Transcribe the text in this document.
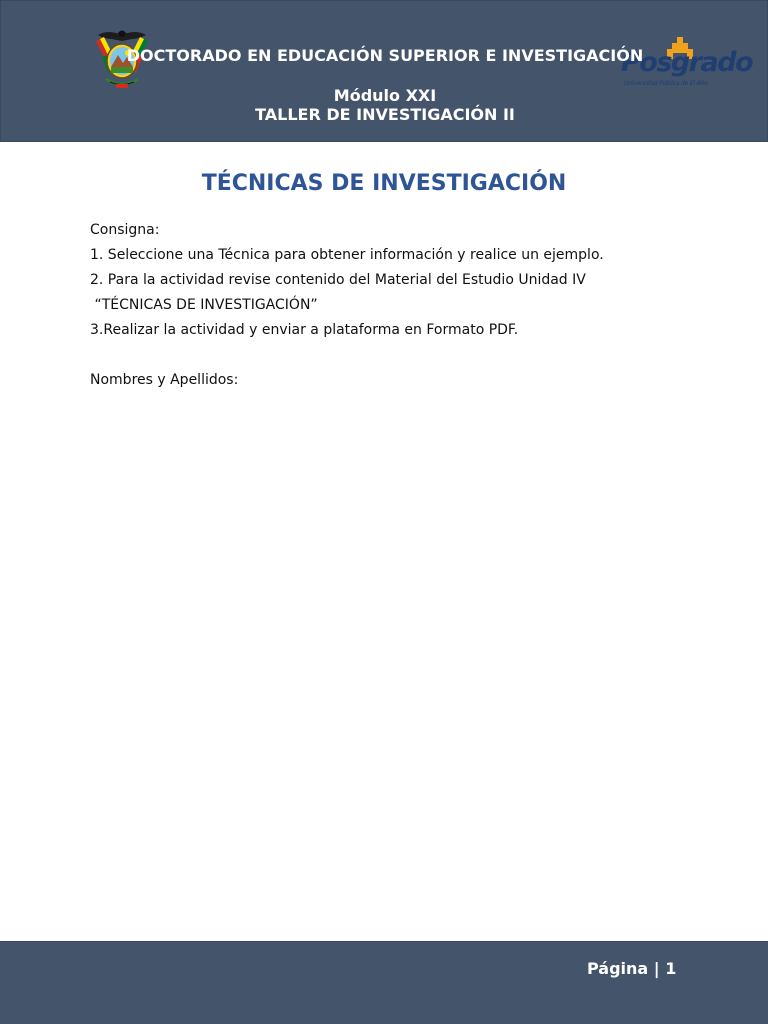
Posgrado
Universidad Pública de El Alto
DOCTORADO EN EDUCACIÓN SUPERIOR E INVESTIGACIÓN
Módulo XXI
TALLER DE INVESTIGACIÓN II
TÉCNICAS DE INVESTIGACIÓN
Consigna:
1. Seleccione una Técnica para obtener información y realice un ejemplo.
2. Para la actividad revise contenido del Material del Estudio Unidad IV
“TÉCNICAS DE INVESTIGACIÓN”
3.Realizar la actividad y enviar a plataforma en Formato PDF.
Nombres y Apellidos:
Página | 1
